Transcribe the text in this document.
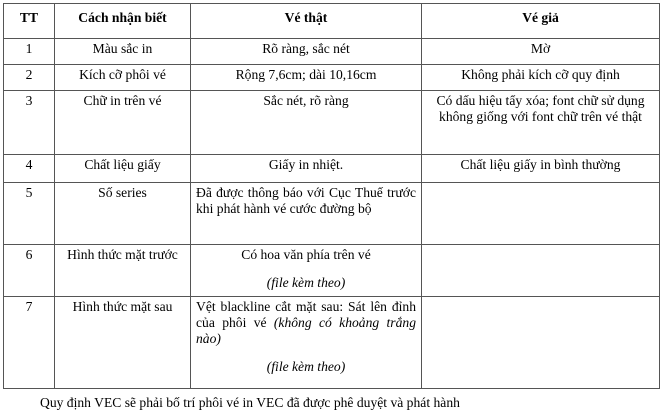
TT	Cách nhận biết	Vé thật	Vé giả
1	Màu sắc in	Rõ ràng, sắc nét	Mờ
2	Kích cỡ phôi vé	Rộng 7,6cm; dài 10,16cm	Không phải kích cỡ quy định
3	Chữ in trên vé	Sắc nét, rõ ràng	Có dấu hiệu tẩy xóa; font chữ sử dụng không giống với font chữ trên vé thật
4	Chất liệu giấy	Giấy in nhiệt.	Chất liệu giấy in bình thường
5	Số series	Đã được thông báo với Cục Thuế trước khi phát hành vé cước đường bộ	
6	Hình thức mặt trước	Có hoa văn phía trên vé
(file kèm theo)	

7	Hình thức mặt sau	Vệt blackline cắt mặt sau: Sát lên đỉnh của phôi vé (không có khoảng trắng nào)
(file kèm theo)	

Quy định VEC sẽ phải bố trí phôi vé in VEC đã được phê duyệt và phát hành
